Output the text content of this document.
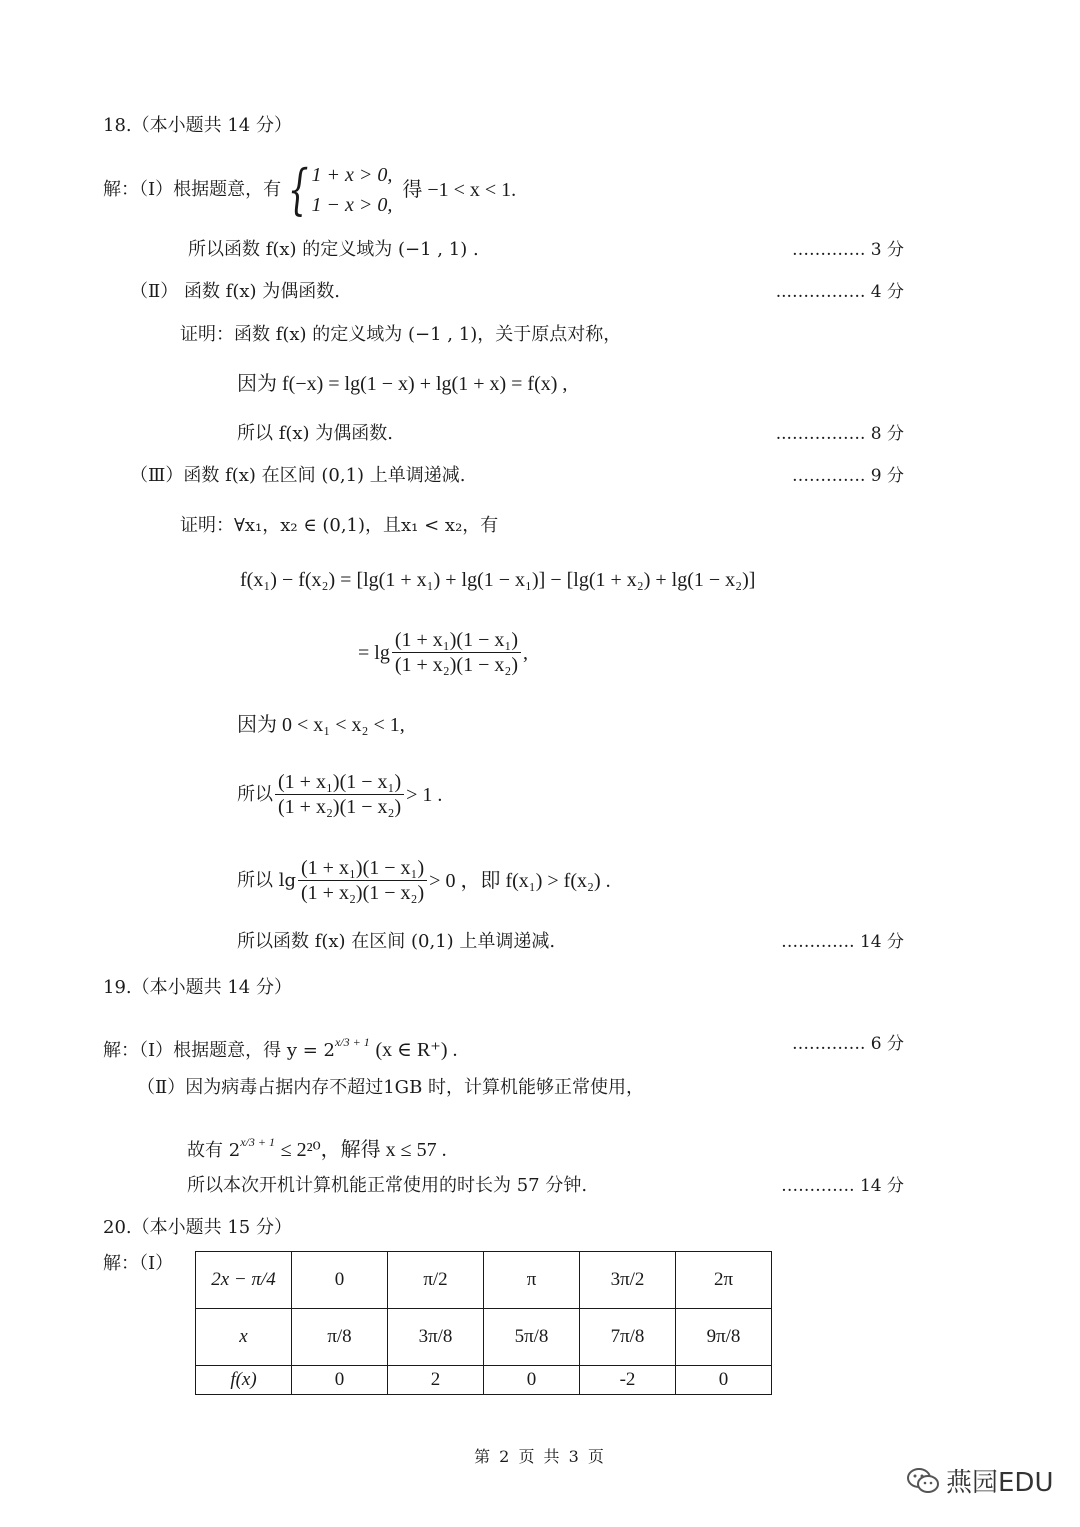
18.（本小题共 14 分）
解：（Ⅰ）根据题意，有 { 1 + x > 0,
1 − x > 0,
得 −1 < x < 1.
所以函数 f(x) 的定义域为 (−1 , 1) .	…………. 3 分
（Ⅱ） 函数 f(x) 为偶函数.	...…………. 4 分
证明：函数 f(x) 的定义域为 (−1 , 1)，关于原点对称，
因为 f(−x) = lg(1 − x) + lg(1 + x) = f(x) ,
所以 f(x) 为偶函数.	...…………. 8 分
（Ⅲ）函数 f(x) 在区间 (0,1) 上单调递减.	…………. 9 分
证明：∀x₁，x₂ ∈ (0,1)，且x₁ < x₂，有
f(x₁) − f(x₂) = [lg(1 + x₁) + lg(1 − x₁)] − [lg(1 + x₂) + lg(1 − x₂)]
= $\lg \frac{\text{(1 + x₁)(1 − x₁)}}{\text{(1 + x₂)(1 − x₂)}}$ ,
因为 0 < x₁ < x₂ < 1,
所以 $\frac{\text{(1 + x₁)(1 − x₁)}}{\text{(1 + x₂)(1 − x₂)}} > 1$ .
所以 $\lg \frac{\text{(1 + x₁)(1 − x₁)}}{\text{(1 + x₂)(1 − x₂)}} > 0$ ，即 f(x₁) > f(x₂) .
所以函数 f(x) 在区间 (0,1) 上单调递减.	…………. 14 分
19.（本小题共 14 分）
解：（Ⅰ）根据题意，得 $y = 2^{x/3 + 1}$ (x ∈ R⁺) .	…………. 6 分
（Ⅱ）因为病毒占据内存不超过1GB 时，计算机能够正常使用，
故有 $2^{x/3 + 1} \le 2^{20}$，解得 x ≤ 57 .
所以本次开机计算机能正常使用的时长为 57 分钟.	…………. 14 分
20.（本小题共 15 分）
解：（Ⅰ）
2x − π/4	0	π/2	π	3π/2	2π
x	π/8	3π/8	5π/8	7π/8	9π/8
f(x)	0	2	0	-2	0
第 2 页 共 3 页
燕园EDU
